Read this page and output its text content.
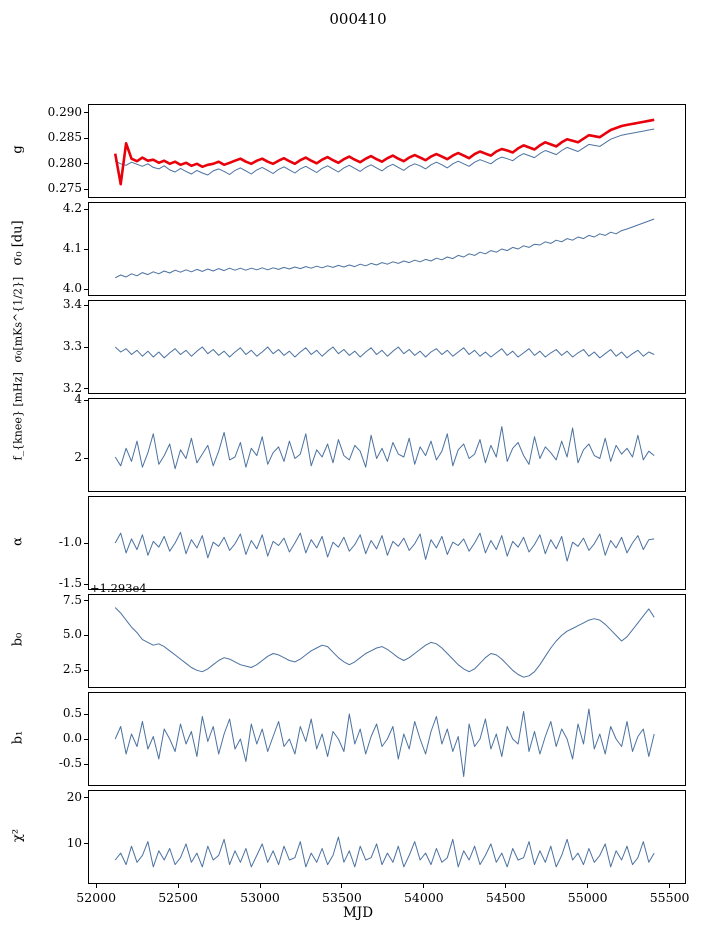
000410
MJD
0.275
0.280
0.285
0.290
g
4.0
4.1
4.2
σ₀ [du]
3.2
3.3
3.4
σ₀[mKs^{1/2}]
2
4
f_{knee} [mHz]
-1.5
-1.0
α
2.5
5.0
7.5
b₀
+1.293e4
-0.5
0.0
0.5
b₁
10
20
χ²
52000	52500	53000	53500	54000	54500	55000	55500
